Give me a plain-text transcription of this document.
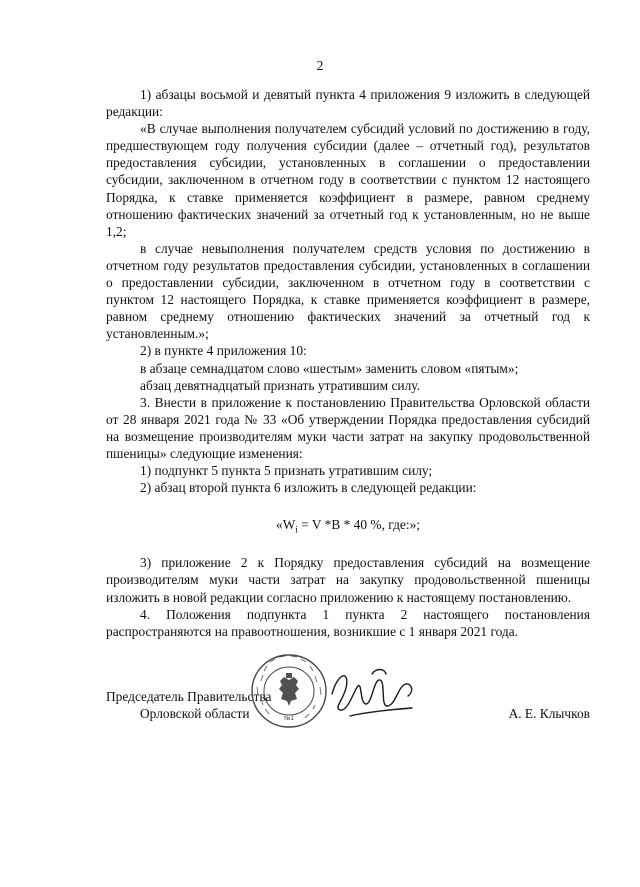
2

1) абзацы восьмой и девятый пункта 4 приложения 9 изложить в следующей редакции:

«В случае выполнения получателем субсидий условий по достижению в году, предшествующем году получения субсидии (далее – отчетный год), результатов предоставления субсидии, установленных в соглашении о предоставлении субсидии, заключенном в отчетном году в соответствии с пунктом 12 настоящего Порядка, к ставке применяется коэффициент в размере, равном среднему отношению фактических значений за отчетный год к установленным, но не выше 1,2;

в случае невыполнения получателем средств условия по достижению в отчетном году результатов предоставления субсидии, установленных в соглашении о предоставлении субсидии, заключенном в отчетном году в соответствии с пунктом 12 настоящего Порядка, к ставке применяется коэффициент в размере, равном среднему отношению фактических значений за отчетный год к установленным.»;

2) в пункте 4 приложения 10:

в абзаце семнадцатом слово «шестым» заменить словом «пятым»;

абзац девятнадцатый признать утратившим силу.

3. Внести в приложение к постановлению Правительства Орловской области от 28 января 2021 года № 33 «Об утверждении Порядка предоставления субсидий на возмещение производителям муки части затрат на закупку продовольственной пшеницы» следующие изменения:

1) подпункт 5 пункта 5 признать утратившим силу;

2) абзац второй пункта 6 изложить в следующей редакции:

«$W_i = V$ *В * 40 %, где:»;

3) приложение 2 к Порядку предоставления субсидий на возмещение производителям муки части затрат на закупку продовольственной пшеницы изложить в новой редакции согласно приложению к настоящему постановлению.

4. Положения подпункта 1 пункта 2 настоящего постановления распространяются на правоотношения, возникшие с 1 января 2021 года.

Председатель Правительства
Орловской области	А. Е. Клычков
№1
